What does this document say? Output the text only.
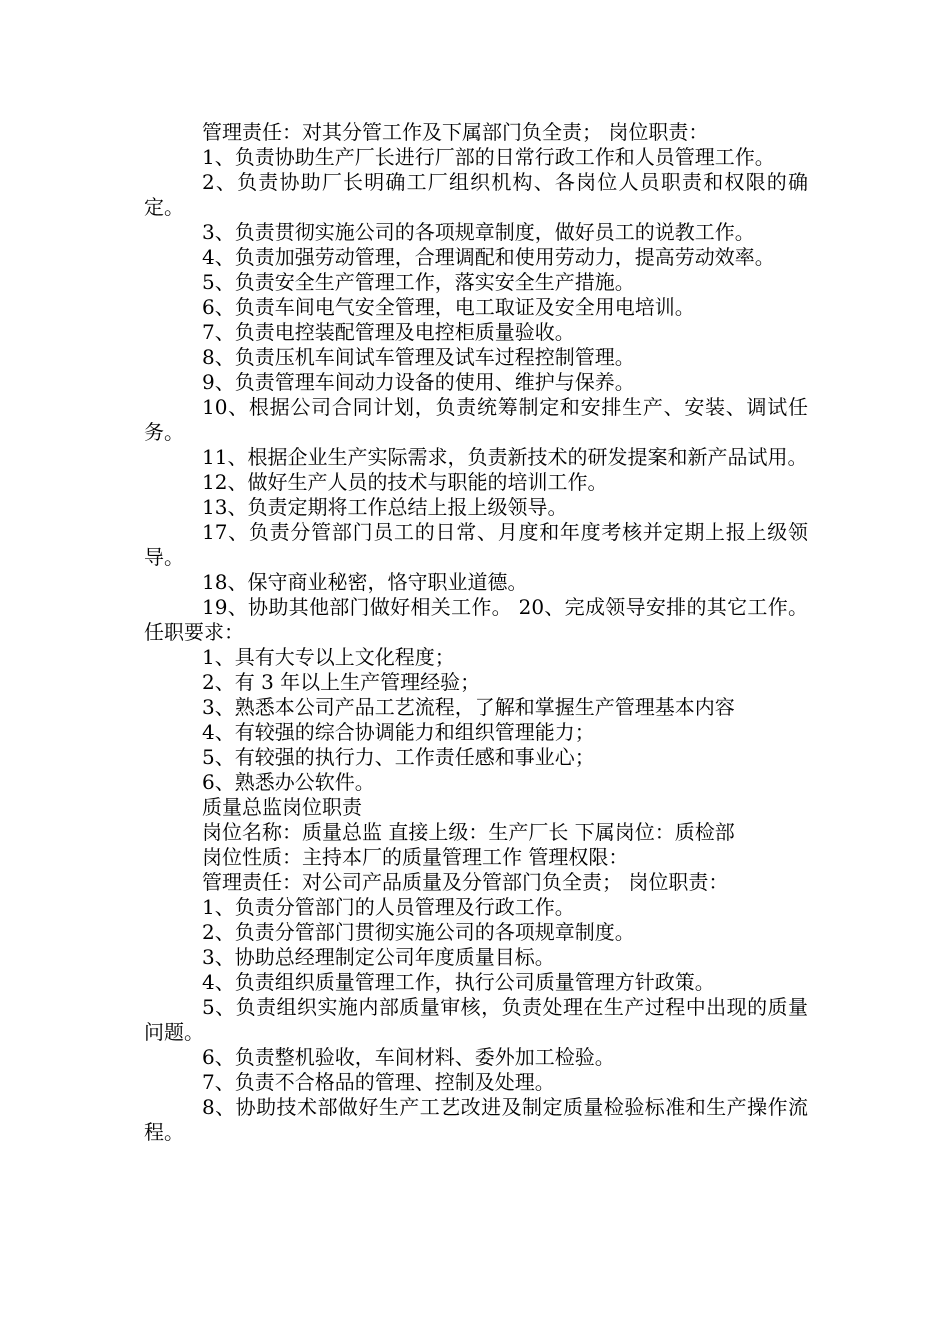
管理责任：对其分管工作及下属部门负全责； 岗位职责：

1、负责协助生产厂长进行厂部的日常行政工作和人员管理工作。

2、负责协助厂长明确工厂组织机构、各岗位人员职责和权限的确定。

3、负责贯彻实施公司的各项规章制度，做好员工的说教工作。

4、负责加强劳动管理，合理调配和使用劳动力，提高劳动效率。

5、负责安全生产管理工作，落实安全生产措施。

6、负责车间电气安全管理，电工取证及安全用电培训。

7、负责电控装配管理及电控柜质量验收。

8、负责压机车间试车管理及试车过程控制管理。

9、负责管理车间动力设备的使用、维护与保养。

10、根据公司合同计划，负责统筹制定和安排生产、安装、调试任务。

11、根据企业生产实际需求，负责新技术的研发提案和新产品试用。

12、做好生产人员的技术与职能的培训工作。

13、负责定期将工作总结上报上级领导。

17、负责分管部门员工的日常、月度和年度考核并定期上报上级领导。

18、保守商业秘密，恪守职业道德。

19、协助其他部门做好相关工作。 20、完成领导安排的其它工作。 任职要求：

1、具有大专以上文化程度；

2、有 3 年以上生产管理经验；

3、熟悉本公司产品工艺流程，了解和掌握生产管理基本内容

4、有较强的综合协调能力和组织管理能力；

5、有较强的执行力、工作责任感和事业心；

6、熟悉办公软件。

质量总监岗位职责

岗位名称：质量总监 直接上级：生产厂长 下属岗位：质检部

岗位性质：主持本厂的质量管理工作 管理权限：

管理责任：对公司产品质量及分管部门负全责； 岗位职责：

1、负责分管部门的人员管理及行政工作。

2、负责分管部门贯彻实施公司的各项规章制度。

3、协助总经理制定公司年度质量目标。

4、负责组织质量管理工作，执行公司质量管理方针政策。

5、负责组织实施内部质量审核，负责处理在生产过程中出现的质量问题。

6、负责整机验收，车间材料、委外加工检验。

7、负责不合格品的管理、控制及处理。

8、协助技术部做好生产工艺改进及制定质量检验标准和生产操作流程。
